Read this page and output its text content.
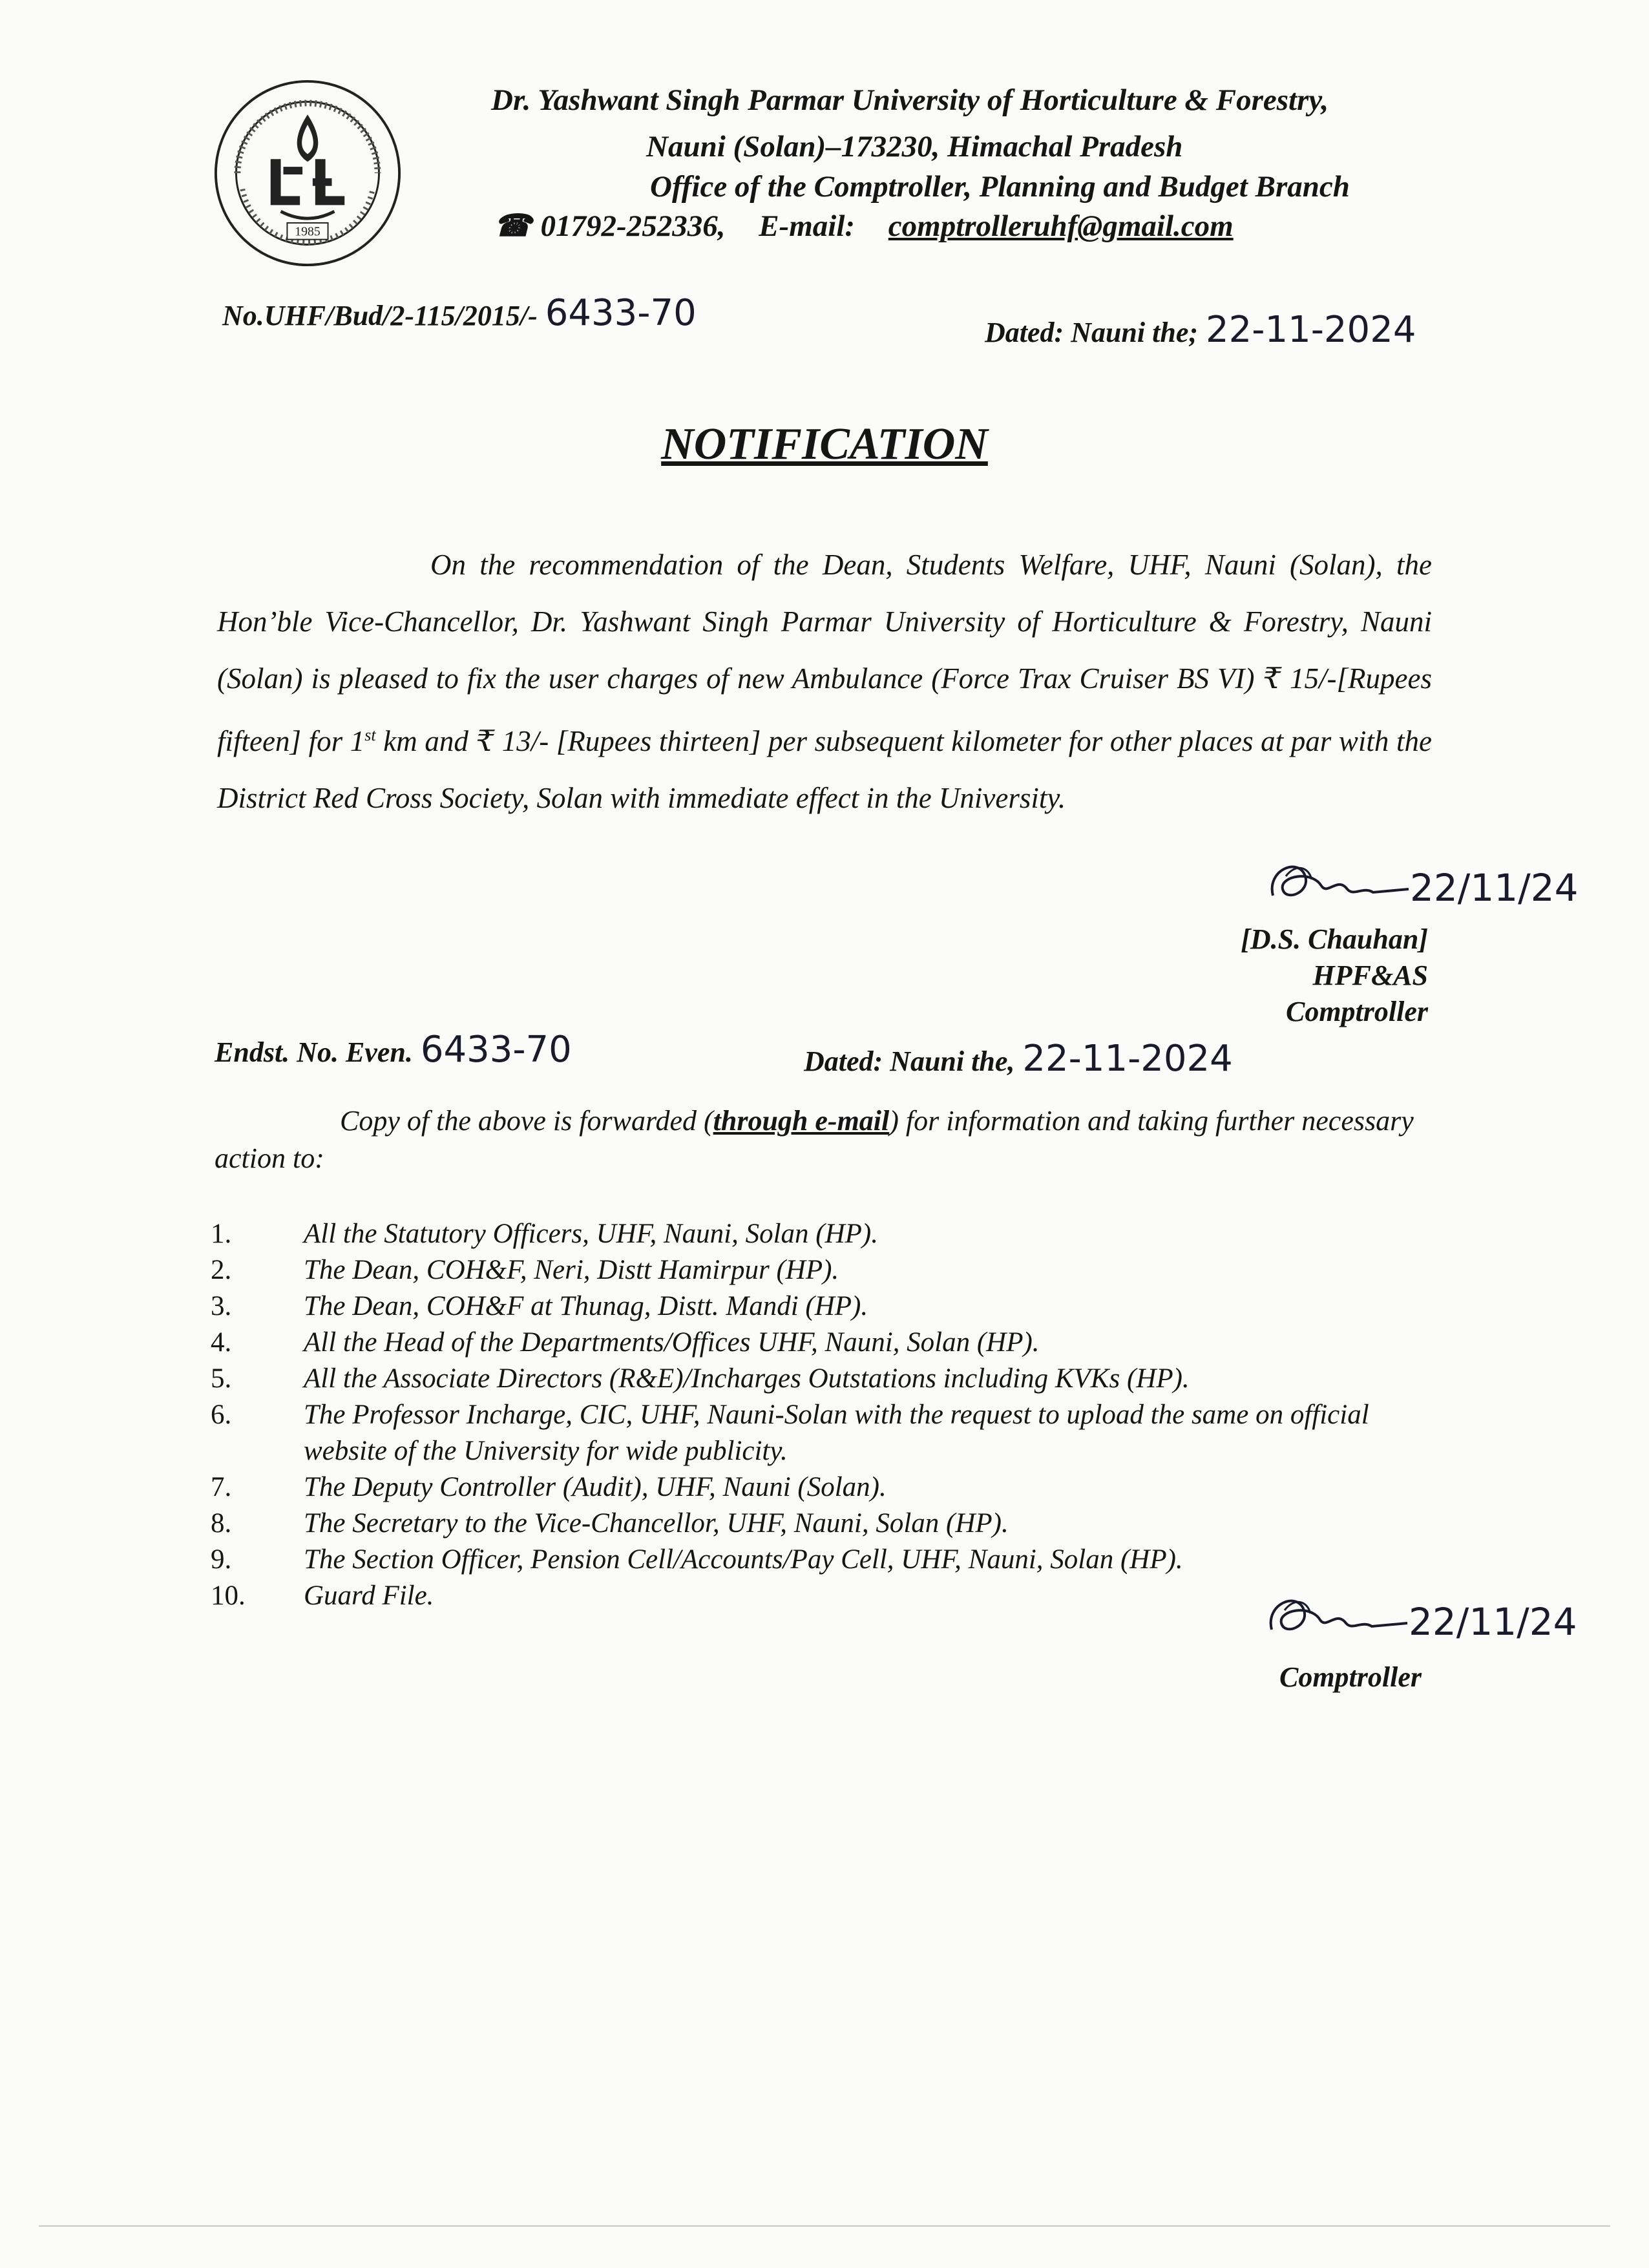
1985
Dr. Yashwant Singh Parmar University of Horticulture & Forestry,
Nauni (Solan)–173230, Himachal Pradesh
Office of the Comptroller, Planning and Budget Branch
☎ 01792-252336, E-mail: comptrolleruhf@gmail.com
No.UHF/Bud/2-115/2015/- 6433-70	Dated: Nauni the; 22-11-2024
NOTIFICATION
On the recommendation of the Dean, Students Welfare, UHF, Nauni (Solan), the Hon’ble Vice-Chancellor, Dr. Yashwant Singh Parmar University of Horticulture & Forestry, Nauni (Solan) is pleased to fix the user charges of new Ambulance (Force Trax Cruiser BS VI) ₹ 15/-[Rupees fifteen] for 1st km and ₹ 13/- [Rupees thirteen] per subsequent kilometer for other places at par with the District Red Cross Society, Solan with immediate effect in the University.
22/11/24
[D.S. Chauhan]
HPF&AS
Comptroller
Endst. No. Even. 6433-70	Dated: Nauni the, 22-11-2024
Copy of the above is forwarded (through e-mail) for information and taking further necessary action to:
1.	All the Statutory Officers, UHF, Nauni, Solan (HP).
2.	The Dean, COH&F, Neri, Distt Hamirpur (HP).
3.	The Dean, COH&F at Thunag, Distt. Mandi (HP).
4.	All the Head of the Departments/Offices UHF, Nauni, Solan (HP).
5.	All the Associate Directors (R&E)/Incharges Outstations including KVKs (HP).
6.	The Professor Incharge, CIC, UHF, Nauni-Solan with the request to upload the same on official website of the University for wide publicity.
7.	The Deputy Controller (Audit), UHF, Nauni (Solan).
8.	The Secretary to the Vice-Chancellor, UHF, Nauni, Solan (HP).
9.	The Section Officer, Pension Cell/Accounts/Pay Cell, UHF, Nauni, Solan (HP).
10.	Guard File.
22/11/24
Comptroller
